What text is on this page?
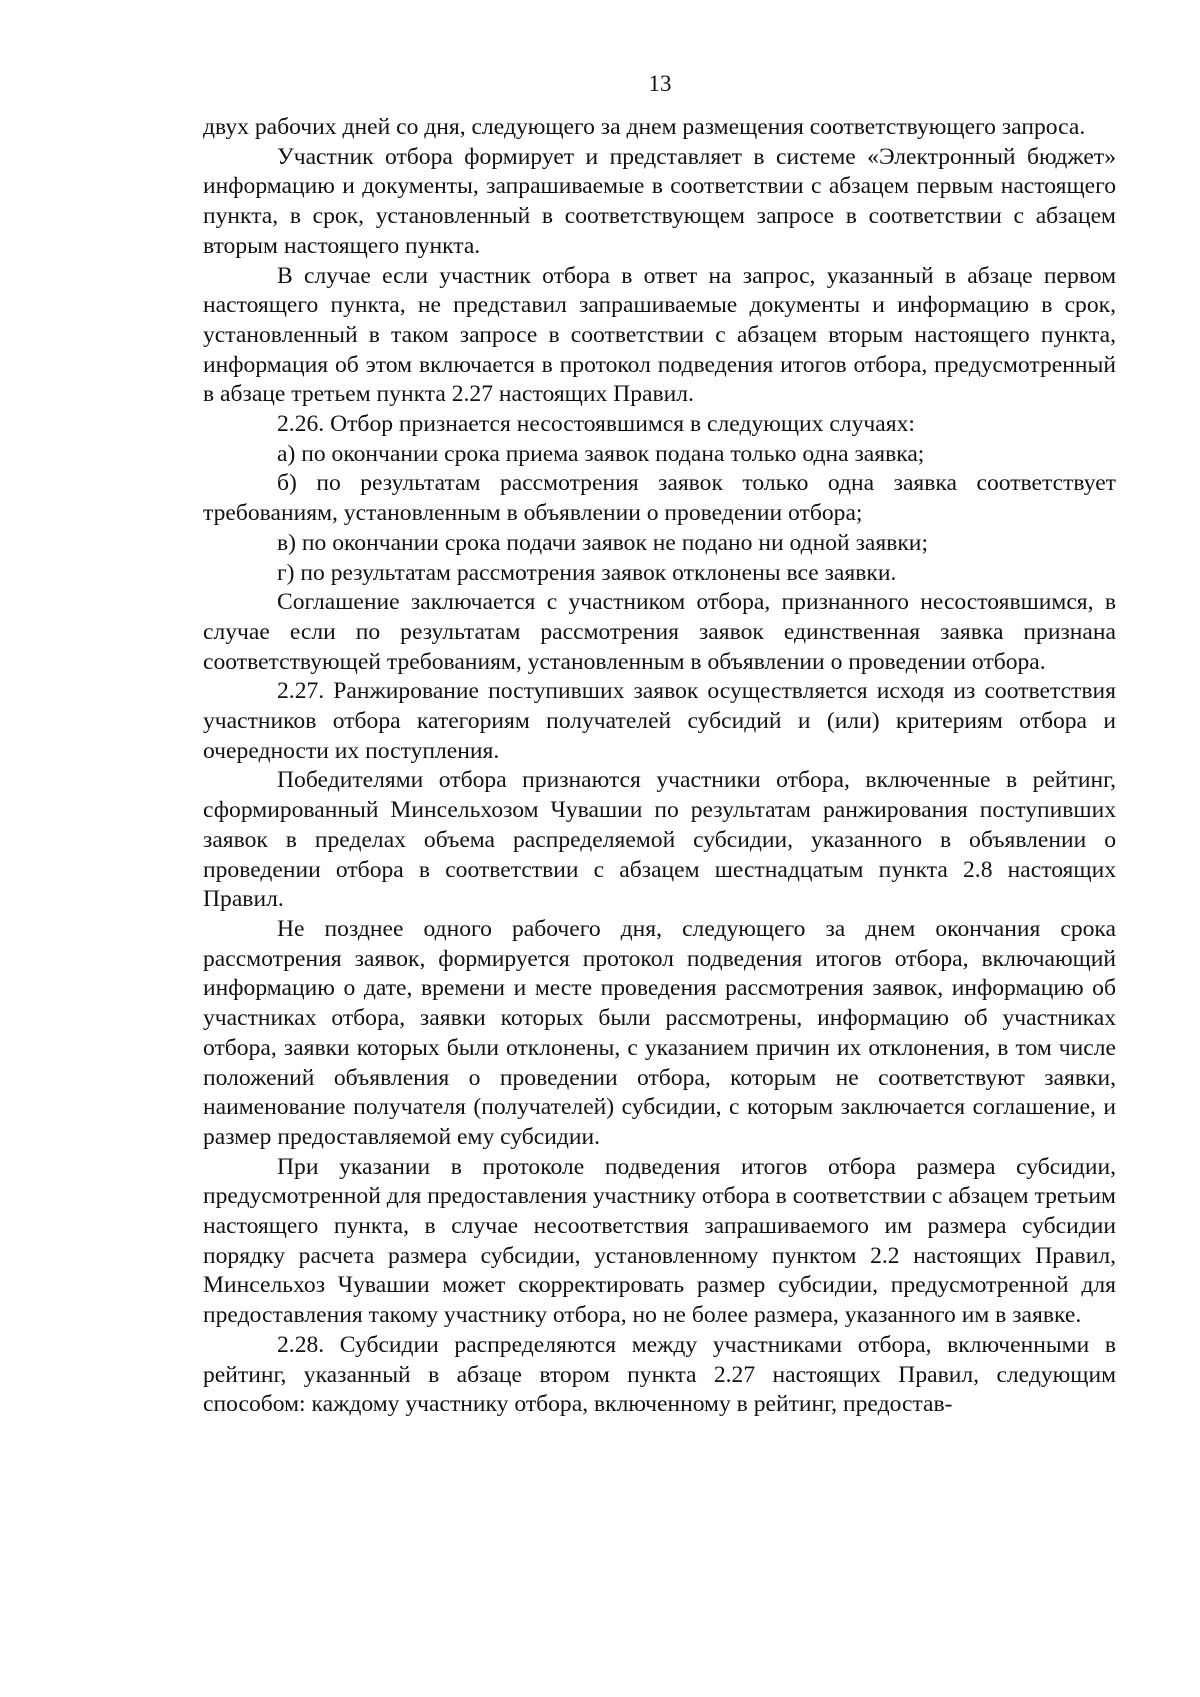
13

двух рабочих дней со дня, следующего за днем размещения соответствующего запроса.

Участник отбора формирует и представляет в системе «Электронный бюджет» информацию и документы, запрашиваемые в соответствии с абзацем первым настоящего пункта, в срок, установленный в соответствующем запросе в соответствии с абзацем вторым настоящего пункта.

В случае если участник отбора в ответ на запрос, указанный в абзаце первом настоящего пункта, не представил запрашиваемые документы и информацию в срок, установленный в таком запросе в соответствии с абзацем вторым настоящего пункта, информация об этом включается в протокол подведения итогов отбора, предусмотренный в абзаце третьем пункта 2.27 настоящих Правил.

2.26. Отбор признается несостоявшимся в следующих случаях:

а) по окончании срока приема заявок подана только одна заявка;

б) по результатам рассмотрения заявок только одна заявка соответствует требованиям, установленным в объявлении о проведении отбора;

в) по окончании срока подачи заявок не подано ни одной заявки;

г) по результатам рассмотрения заявок отклонены все заявки.

Соглашение заключается с участником отбора, признанного несостоявшимся, в случае если по результатам рассмотрения заявок единственная заявка признана соответствующей требованиям, установленным в объявлении о проведении отбора.

2.27. Ранжирование поступивших заявок осуществляется исходя из соответствия участников отбора категориям получателей субсидий и (или) критериям отбора и очередности их поступления.

Победителями отбора признаются участники отбора, включенные в рейтинг, сформированный Минсельхозом Чувашии по результатам ранжирования поступивших заявок в пределах объема распределяемой субсидии, указанного в объявлении о проведении отбора в соответствии с абзацем шестнадцатым пункта 2.8 настоящих Правил.

Не позднее одного рабочего дня, следующего за днем окончания срока рассмотрения заявок, формируется протокол подведения итогов отбора, включающий информацию о дате, времени и месте проведения рассмотрения заявок, информацию об участниках отбора, заявки которых были рассмотрены, информацию об участниках отбора, заявки которых были отклонены, с указанием причин их отклонения, в том числе положений объявления о проведении отбора, которым не соответствуют заявки, наименование получателя (получателей) субсидии, с которым заключается соглашение, и размер предоставляемой ему субсидии.

При указании в протоколе подведения итогов отбора размера субсидии, предусмотренной для предоставления участнику отбора в соответствии с абзацем третьим настоящего пункта, в случае несоответствия запрашиваемого им размера субсидии порядку расчета размера субсидии, установленному пунктом 2.2 настоящих Правил, Минсельхоз Чувашии может скорректировать размер субсидии, предусмотренной для предоставления такому участнику отбора, но не более размера, указанного им в заявке.

2.28. Субсидии распределяются между участниками отбора, включенными в рейтинг, указанный в абзаце втором пункта 2.27 настоящих Правил, следующим способом: каждому участнику отбора, включенному в рейтинг, предостав-
